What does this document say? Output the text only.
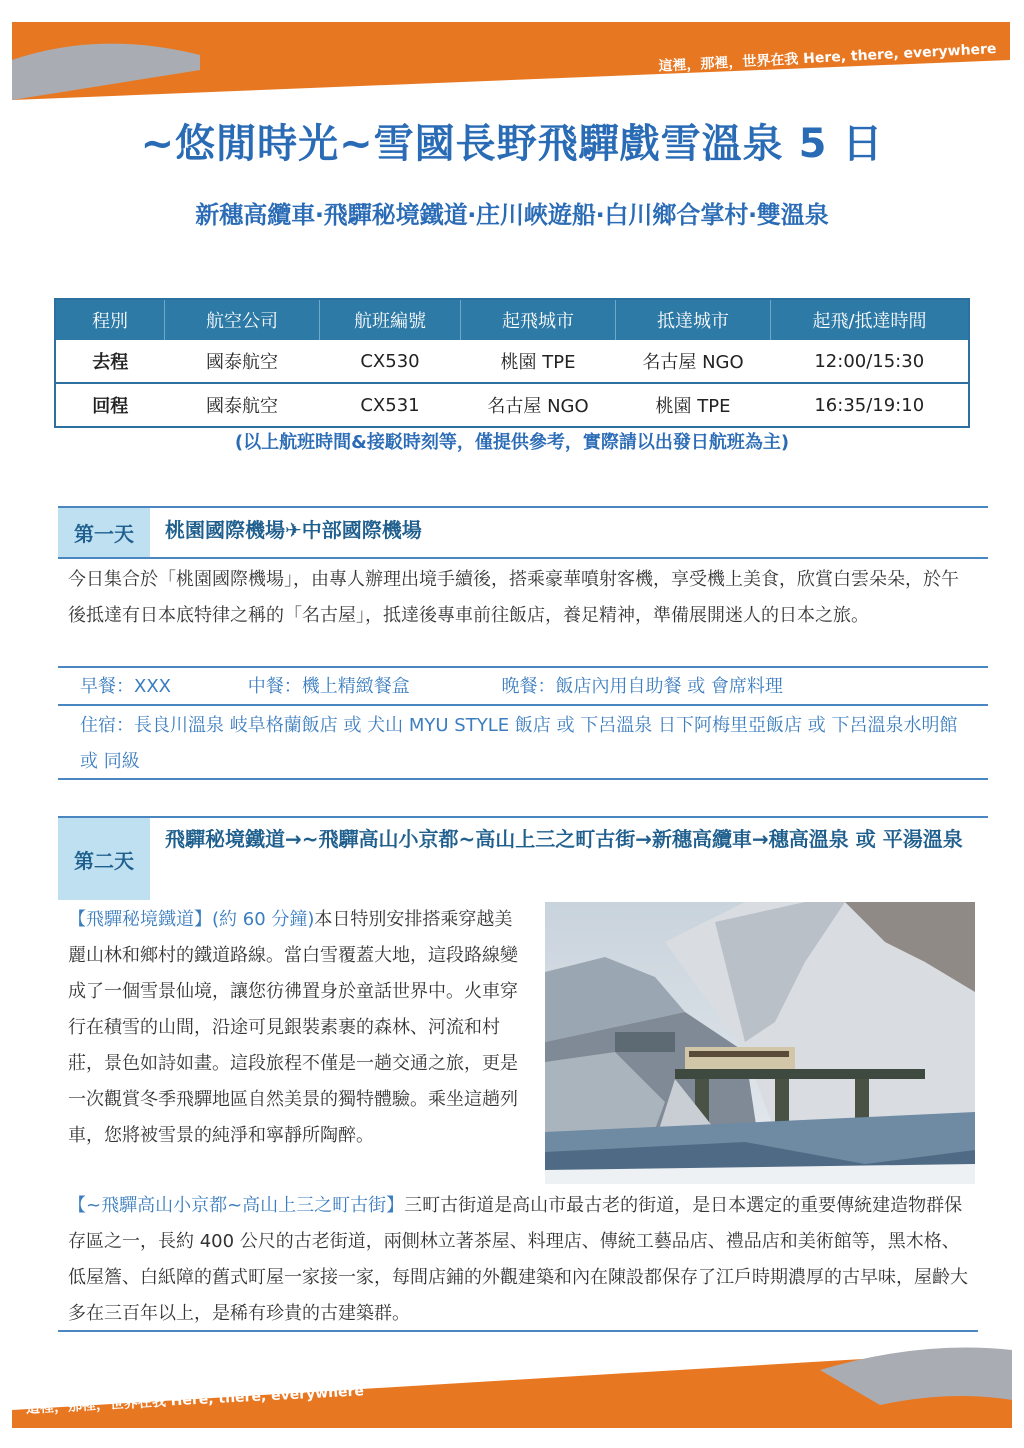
這裡，那裡，世界在我 Here, there, everywhere
~悠閒時光~雪國長野飛驒戲雪溫泉 5 日
新穗高纜車‧飛驒秘境鐵道‧庄川峽遊船‧白川鄉合掌村‧雙溫泉
程別	航空公司	航班編號	起飛城市	抵達城市	起飛/抵達時間
去程	國泰航空	CX530	桃園 TPE	名古屋 NGO	12:00/15:30
回程	國泰航空	CX531	名古屋 NGO	桃園 TPE	16:35/19:10
(以上航班時間&接駁時刻等，僅提供參考，實際請以出發日航班為主)
第一天	桃園國際機場✈中部國際機場
今日集合於「桃園國際機場」，由專人辦理出境手續後，搭乘豪華噴射客機，享受機上美食，欣賞白雲朵朵，於午後抵達有日本底特律之稱的「名古屋」，抵達後專車前往飯店，養足精神，準備展開迷人的日本之旅。
早餐：XXX	中餐：機上精緻餐盒	晚餐：飯店內用自助餐 或 會席料理
住宿：長良川溫泉 岐阜格蘭飯店 或 犬山 MYU STYLE 飯店 或 下呂溫泉 日下阿梅里亞飯店 或 下呂溫泉水明館 或 同級
第二天
飛驒秘境鐵道→~飛驒高山小京都~高山上三之町古街→新穗高纜車→穗高溫泉 或 平湯溫泉
【飛驒秘境鐵道】(約 60 分鐘)本日特別安排搭乘穿越美麗山林和鄉村的鐵道路線。當白雪覆蓋大地，這段路線變成了一個雪景仙境，讓您彷彿置身於童話世界中。火車穿行在積雪的山間，沿途可見銀裝素裹的森林、河流和村莊，景色如詩如畫。這段旅程不僅是一趟交通之旅，更是一次觀賞冬季飛驒地區自然美景的獨特體驗。乘坐這趟列車，您將被雪景的純淨和寧靜所陶醉。
【~飛驒高山小京都~高山上三之町古街】三町古街道是高山市最古老的街道，是日本選定的重要傳統建造物群保存區之一，長約 400 公尺的古老街道，兩側林立著茶屋、料理店、傳統工藝品店、禮品店和美術館等，黑木格、低屋簷、白紙障的舊式町屋一家接一家，每間店鋪的外觀建築和內在陳設都保存了江戶時期濃厚的古早味，屋齡大多在三百年以上，是稀有珍貴的古建築群。
這裡，那裡，世界在我 Here, there, everywhere
